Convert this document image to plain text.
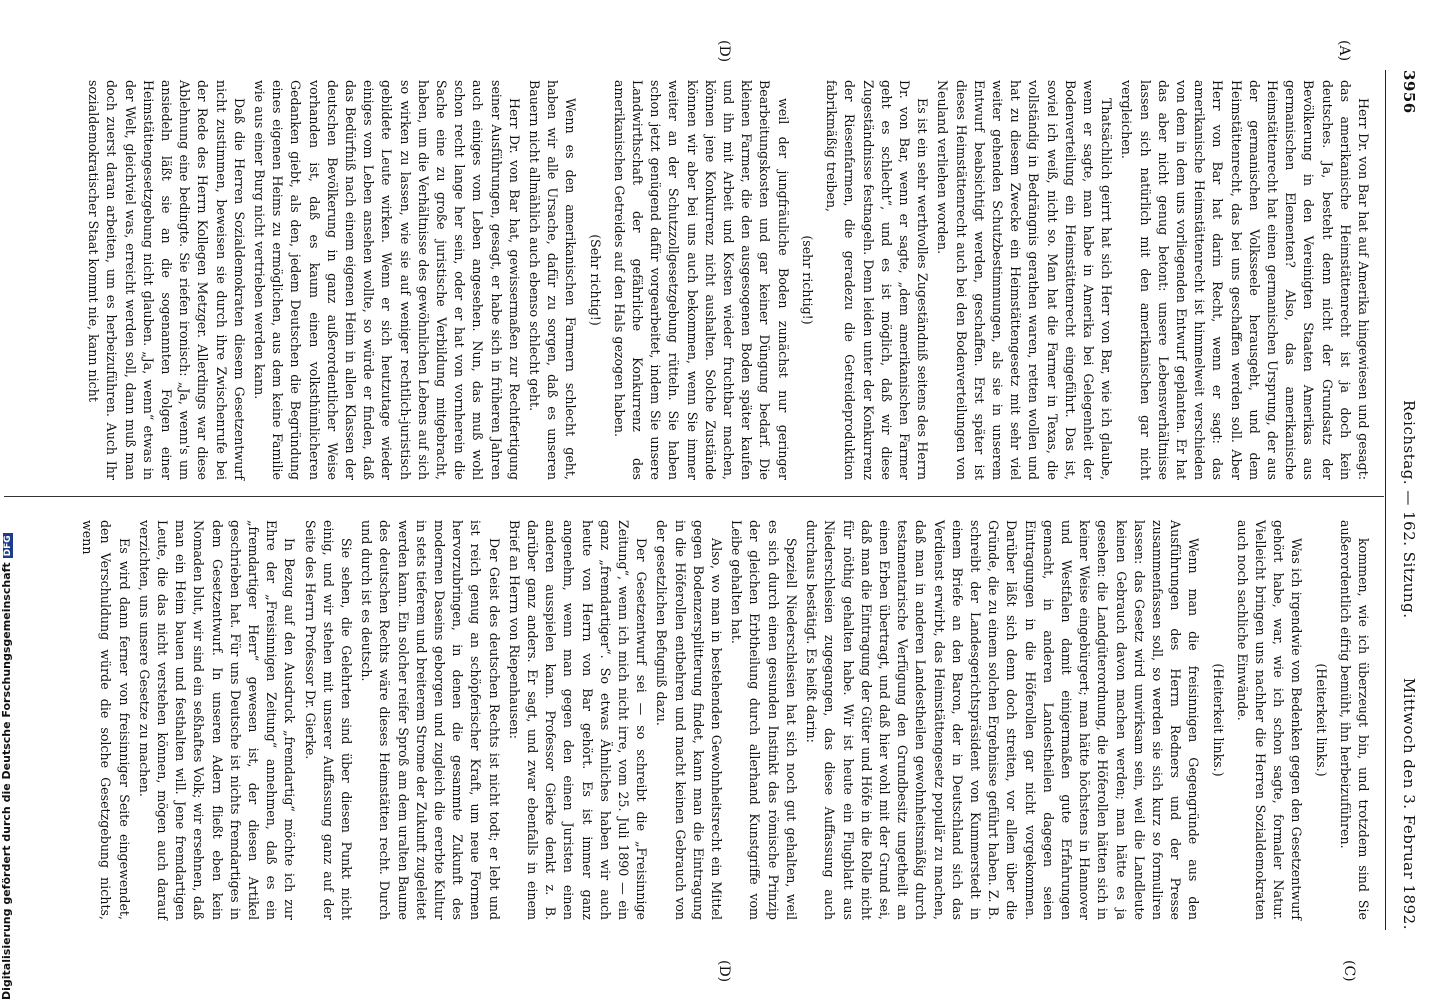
3956
Reichstag. — 162. Sitzung.
Mittwoch den 3. Februar 1892.
(A)
(D)
(C)
(D)

Herr Dr. von Bar hat auf Amerika hingewiesen und gesagt: das amerikanische Heimstättenrecht ist ja doch kein deutsches. Ja, besteht denn nicht der Grundsatz der Bevölkerung in den Vereinigten Staaten Amerikas aus germanischen Elementen? Also, das amerikanische Heimstättenrecht hat einen germanischen Ursprung, der aus der germanischen Volksseele herausgeht, und dem Heimstättenrecht, das bei uns geschaffen werden soll. Aber Herr von Bar hat darin Recht, wenn er sagt: das amerikanische Heimstättenrecht ist himmelweit verschieden von dem in dem uns vorliegenden Entwurf geplanten. Er hat das aber nicht genug betont: unsere Lebensverhältnisse lassen sich natürlich mit den amerikanischen gar nicht vergleichen.

Thatsächlich geirrt hat sich Herr von Bar, wie ich glaube, wenn er sagte, man habe in Amerika bei Gelegenheit der Bodenverteilung ein Heimstättenrecht eingeführt. Das ist, soviel ich weiß, nicht so. Man hat die Farmer in Texas, die vollständig in Bedrängnis gerathen waren, retten wollen und hat zu diesem Zwecke ein Heimstättengesetz mit sehr viel weiter gehenden Schutzbestimmungen, als sie in unserem Entwurf beabsichtigt werden, geschaffen. Erst später ist dieses Heimstättenrecht auch bei den Bodenverteilungen von Neuland verliehen worden.

Es ist ein sehr werthvolles Zugeständniß seitens des Herrn Dr. von Bar, wenn er sagte, „dem amerikanischen Farmer geht es schlecht“, und es ist möglich, daß wir diese Zugeständnisse festnageln. Denn leiden unter der Konkurrenz der Riesenfarmen, die geradezu die Getreideproduktion fabrikmäßig treiben,

(sehr richtig!)

weil der jungfräuliche Boden zunächst nur geringer Bearbeitungskosten und gar keiner Düngung bedarf. Die kleinen Farmer, die den ausgesogenen Boden später kaufen und ihn mit Arbeit und Kosten wieder fruchtbar machen, können jene Konkurrenz nicht aushalten. Solche Zustände können wir aber bei uns auch bekommen, wenn Sie immer weiter an der Schutzzollgesetzgebung rütteln. Sie haben schon jetzt genügend dafür vorgearbeitet, indem Sie unsere Landwirthschaft der gefährliche Konkurrenz des amerikanischen Getreides auf den Hals gezogen haben.

(Sehr richtig!)

Wenn es den amerikanischen Farmern schlecht geht, haben wir alle Ursache, dafür zu sorgen, daß es unseren Bauern nicht allmählich auch ebenso schlecht geht.

Herr Dr. von Bar hat, gewissermaßen zur Rechtfertigung seiner Ausführungen, gesagt, er habe sich in früheren Jahren auch einiges vom Leben angesehen. Nun, das muß wohl schon recht lange her sein, oder er hat von vornherein die Sache eine zu große juristische Verbildung mitgebracht, haben, um die Verhältnisse des gewöhnlichen Lebens auf sich so wirken zu lassen, wie sie auf weniger rechtlich-juristisch gebildete Leute wirken. Wenn er sich heutzutage wieder einiges vom Leben ansehen wollte, so würde er finden, daß das Bedürfniß nach einem eigenen Heim in allen Klassen der deutschen Bevölkerung in ganz außerordentlicher Weise vorhanden ist, daß es kaum einen volksthümlicheren Gedanken giebt, als den, jedem Deutschen die Begründung eines eigenen Heims zu ermöglichen, aus dem keine Familie wie aus einer Burg nicht vertrieben werden kann.

Daß die Herren Sozialdemokraten diesem Gesetzentwurf nicht zustimmen, beweisen sie durch ihre Zwischenrufe bei der Rede des Herrn Kollegen Metzger. Allerdings war diese Ablehnung eine bedingte. Sie riefen ironisch: „Ja, wenn's um ansiedeln läßt sie an die sogenannten Folgen einer Heimstättengesetzgebung nicht glauben. „Ja, wenn“ etwas in der Welt, gleichviel was, erreicht werden soll, dann muß man doch zuerst daran arbeiten, um es herbeizuführen. Auch Ihr sozialdemokratischer Staat kommt nie, kann nicht

kommen, wie ich überzeugt bin, und trotzdem sind Sie außerordentlich eifrig bemüht, ihn herbeizuführen.

(Heiterkeit links.)

Was ich irgendwie von Bedenken gegen den Gesetzentwurf gehört habe, war, wie ich schon sagte, formaler Natur. Vielleicht bringen uns nachher die Herren Sozialdemokraten auch noch sachliche Einwände.

(Heiterkeit links.)

Wenn man die freisinnigen Gegengründe aus den Ausführungen des Herrn Redners und der Presse zusammenfassen soll, so werden sie sich kurz so formuliren lassen: das Gesetz wird unwirksam sein, weil die Landleute keinen Gebrauch davon machen werden; man hätte es ja gesehen: die Landgüterordnung, die Höferollen hätten sich in keiner Weise eingebürgert; man hätte höchstens in Hannover und Westfalen damit einigermaßen gute Erfahrungen gemacht, in anderen Landestheilen dagegen seien Eintragungen in die Höferollen gar nicht vorgekommen. Darüber läßt sich denn doch streiten, vor allem über die Gründe, die zu einem solchen Ergebnisse geführt haben. Z. B. schreibt der Landesgerichtspräsident von Kummerstedt in einem Briefe an den Baron, der in Deutschland sich das Verdienst erwirbt, das Heimstättengesetz populär zu machen, daß man in anderen Landestheilen gewohnheitsmäßig durch testamentarische Verfügung den Grundbesitz ungetheilt an einen Erben übertragt, und daß hier wohl mit der Grund sei, daß man die Eintragung der Güter und Höfe in die Rolle nicht für nöthig gehalten habe. Wir ist heute ein Flugblatt aus Niederschlesien zugegangen, das diese Auffassung auch durchaus bestätigt. Es heißt darin:

Speziell Niederschlesien hat sich noch gut gehalten, weil es sich durch einen gesunden Instinkt das römische Prinzip der gleichen Erbtheilung durch allerhand Kunstgriffe vom Leibe gehalten hat.

Also, wo man in bestehenden Gewohnheitsrecht ein Mittel gegen Bodenzersplitterung findet, kann man die Eintragung in die Höferollen entbehren und macht keinen Gebrauch von der gesetzlichen Befugniß dazu.

Der Gesetzentwurf sei — so schreibt die „Freisinnige Zeitung“, wenn ich mich nicht irre, vom 25. Juli 1890 — ein ganz „fremdartiger“. So etwas Ähnliches haben wir auch heute von Herrn von Bar gehört. Es ist immer ganz angenehm, wenn man gegen den einen Juristen einen anderen ausspielen kann. Professor Gierke denkt z. B. darüber ganz anders. Er sagt, und zwar ebenfalls in einem Brief an Herrn von Riepenhausen:

Der Geist des deutschen Rechts ist nicht todt; er lebt und ist reich genug an schöpferischer Kraft, um neue Formen hervorzubringen, in denen die gesammte Zukunft des modernen Daseins geborgen und zugleich die ererbte Kultur in stets tieferem und breiterem Strome der Zukunft zugeleitet werden kann. Ein solcher reifer Sproß am dem uralten Baume des deutschen Rechts wäre dieses Heimstätten recht. Durch und durch ist es deutsch.

Sie sehen, die Gelehrten sind über diesen Punkt nicht einig, und wir stehen mit unserer Auffassung ganz auf der Seite des Herrn Professor Dr. Gierke.

In Bezug auf den Ausdruck „fremdartig“ möchte ich zur Ehre der „Freisinnigen Zeitung“ annehmen, daß es ein „fremdartiger Herr“ gewesen ist, der diesen Artikel geschrieben hat. Für uns Deutsche ist nichts fremdartiges in dem Gesetzentwurf. In unseren Adern fließt eben kein Nomaden blut, wir sind ein seßhaftes Volk; wir ersehnen, daß man ein Heim bauen und festhalten will. Jene fremdartigen Leute, die das nicht verstehen können, mögen auch darauf verzichten, uns unsere Gesetze zu machen.

Es wird dann ferner von freisinniger Seite eingewendet, den Verschuldung würde die solche Gesetzgebung nichts, wenn

Digitalisierung gefördert durch die Deutsche ForschungsgemeinschaftDFG
